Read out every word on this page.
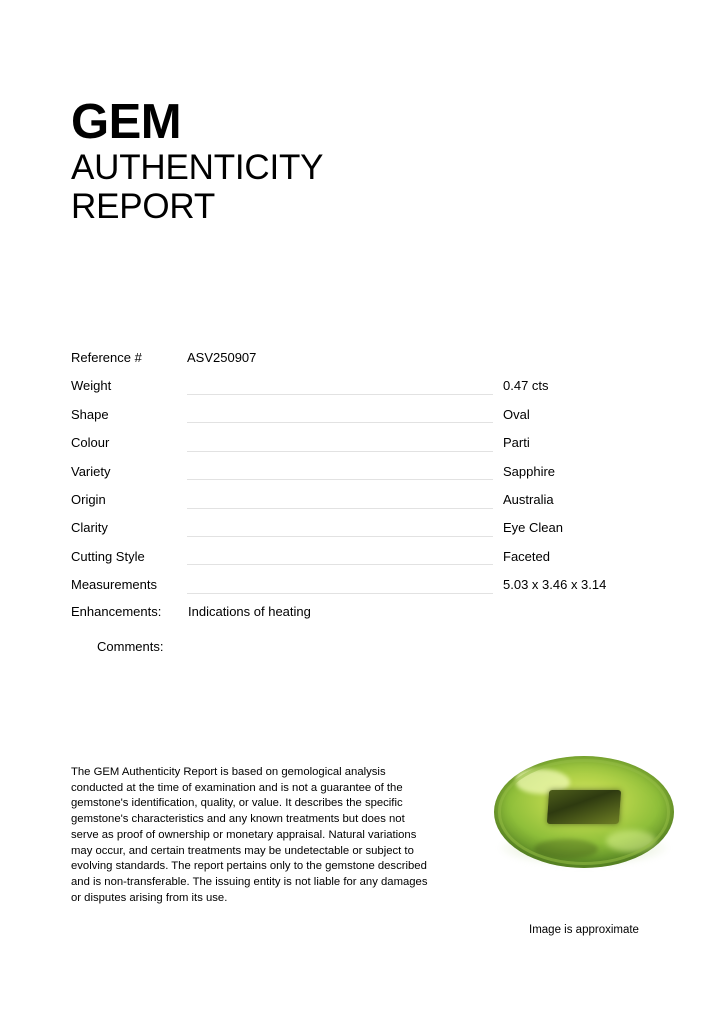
GEM
AUTHENTICITY
REPORT
Reference #	ASV250907
Weight	0.47 cts
Shape	Oval
Colour	Parti
Variety	Sapphire
Origin	Australia
Clarity	Eye Clean
Cutting Style	Faceted
Measurements	5.03 x 3.46 x 3.14
Enhancements: Indications of heating
Comments:
The GEM Authenticity Report is based on gemological analysis conducted at the time of examination and is not a guarantee of the gemstone's identification, quality, or value. It describes the specific gemstone's characteristics and any known treatments but does not serve as proof of ownership or monetary appraisal. Natural variations may occur, and certain treatments may be undetectable or subject to evolving standards. The report pertains only to the gemstone described and is non-transferable. The issuing entity is not liable for any damages or disputes arising from its use.
Image is approximate
